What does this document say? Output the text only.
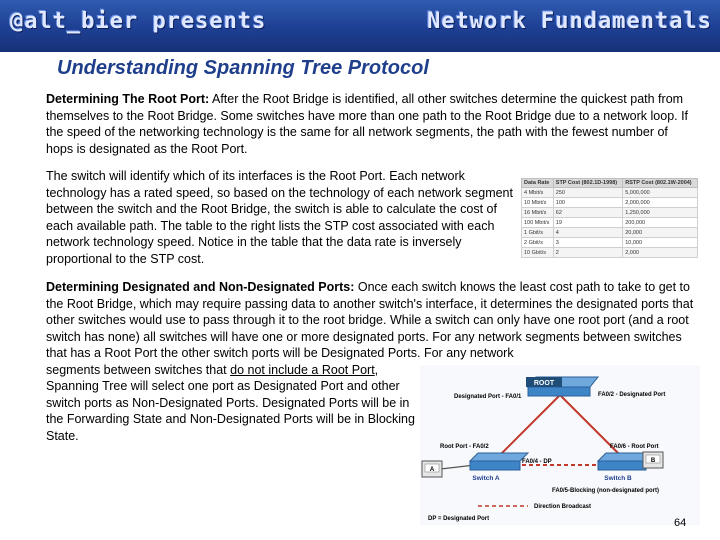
@alt_bier presents	Network Fundamentals
Understanding Spanning Tree Protocol
Determining The Root Port: After the Root Bridge is identified, all other switches determine the quickest path from themselves to the Root Bridge. Some switches have more than one path to the Root Bridge due to a network loop. If the speed of the networking technology is the same for all network segments, the path with the fewest number of hops is designated as the Root Port.
The switch will identify which of its interfaces is the Root Port. Each network technology has a rated speed, so based on the technology of each network segment between the switch and the Root Bridge, the switch is able to calculate the cost of each available path. The table to the right lists the STP cost associated with each network technology speed. Notice in the table that the data rate is inversely proportional to the STP cost.
Data Rate	STP Cost (802.1D-1998)	RSTP Cost (802.1W-2004)
4 Mbit/s	250	5,000,000
10 Mbit/s	100	2,000,000
16 Mbit/s	62	1,250,000
100 Mbit/s	19	200,000
1 Gbit/s	4	20,000
2 Gbit/s	3	10,000
10 Gbit/s	2	2,000
Determining Designated and Non-Designated Ports: Once each switch knows the least cost path to take to get to the Root Bridge, which may require passing data to another switch's interface, it determines the designated ports that other switches would use to pass through it to the root bridge. While a switch can only have one root port (and a root switch has none) all switches will have one or more designated ports. For any network segments between switches that has a Root Port the other switch ports will be Designated Ports. For any network
segments between switches that do not include a Root Port, Spanning Tree will select one port as Designated Port and other switch ports as Non-Designated Ports. Designated Ports will be in the Forwarding State and Non-Designated Ports will be in Blocking State.
ROOT
Switch A	Switch B
A
B
Designated Port - FA0/1	FA0/2 - Designated Port
Root Port - FA0/2	FA0/6 - Root Port
FA0/4 - DP
FA0/5-Blocking (non-designated port)
Direction Broadcast
DP = Designated Port	64
